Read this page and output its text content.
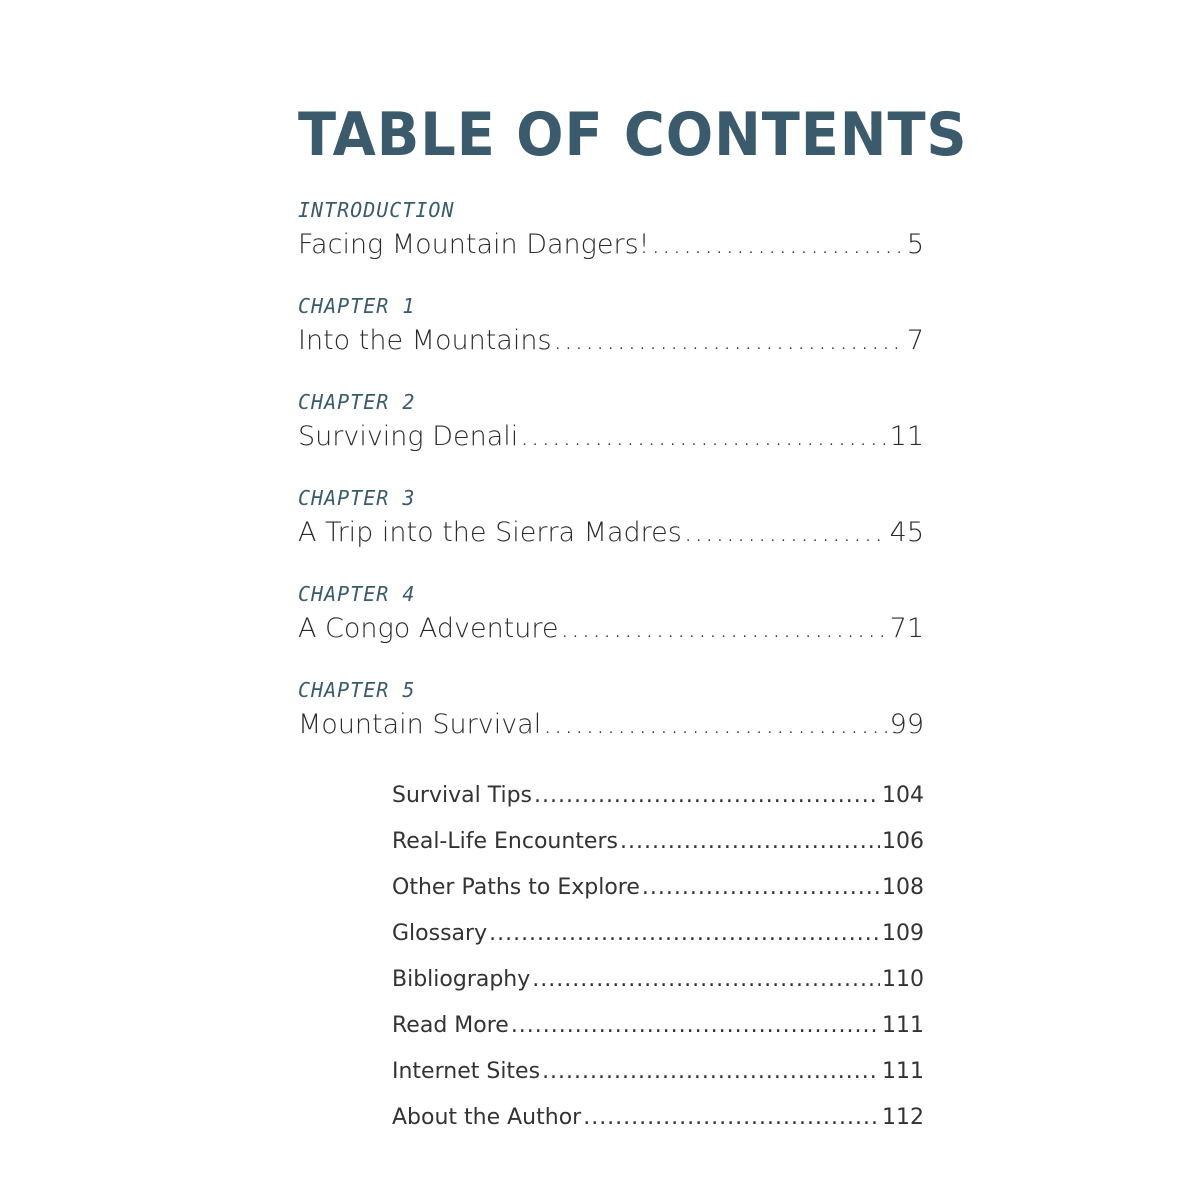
TABLE OF CONTENTS
INTRODUCTION
Facing Mountain Dangers! .....	5
CHAPTER 1
Into the Mountains .....	7
CHAPTER 2
Surviving Denali .....	11
CHAPTER 3
A Trip into the Sierra Madres .....	45
CHAPTER 4
A Congo Adventure .....	71
CHAPTER 5
Mountain Survival .....	99
Survival Tips .....	104
Real-Life Encounters .....	106
Other Paths to Explore .....	108
Glossary .....	109
Bibliography .....	110
Read More .....	111
Internet Sites .....	111
About the Author .....	112
